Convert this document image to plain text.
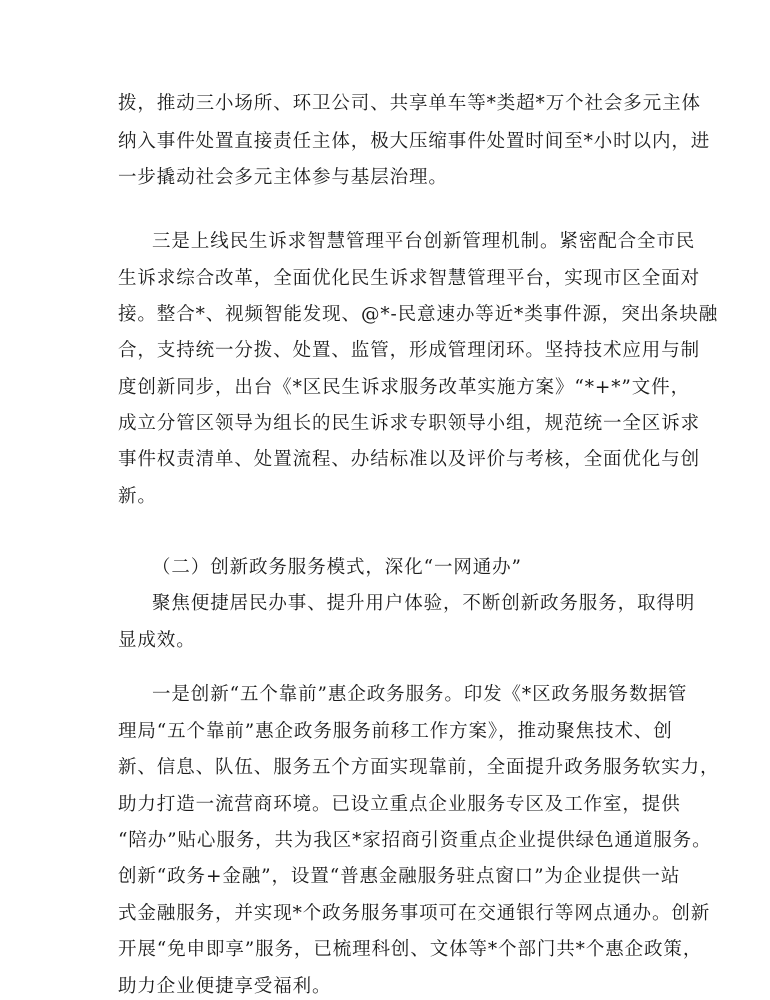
拨，推动三小场所、环卫公司、共享单车等*类超*万个社会多元主体
纳入事件处置直接责任主体，极大压缩事件处置时间至*小时以内，进
一步撬动社会多元主体参与基层治理。
三是上线民生诉求智慧管理平台创新管理机制。紧密配合全市民
生诉求综合改革，全面优化民生诉求智慧管理平台，实现市区全面对
接。整合*、视频智能发现、@*-民意速办等近*类事件源，突出条块融
合，支持统一分拨、处置、监管，形成管理闭环。坚持技术应用与制
度创新同步，出台《*区民生诉求服务改革实施方案》“*+*”文件，
成立分管区领导为组长的民生诉求专职领导小组，规范统一全区诉求
事件权责清单、处置流程、办结标准以及评价与考核，全面优化与创
新。
（二）创新政务服务模式，深化“一网通办”
聚焦便捷居民办事、提升用户体验，不断创新政务服务，取得明
显成效。
一是创新“五个靠前”惠企政务服务。印发《*区政务服务数据管
理局“五个靠前”惠企政务服务前移工作方案》，推动聚焦技术、创
新、信息、队伍、服务五个方面实现靠前，全面提升政务服务软实力，
助力打造一流营商环境。已设立重点企业服务专区及工作室，提供
“陪办”贴心服务，共为我区*家招商引资重点企业提供绿色通道服务。
创新“政务+金融”，设置“普惠金融服务驻点窗口”为企业提供一站
式金融服务，并实现*个政务服务事项可在交通银行等网点通办。创新
开展“免申即享”服务，已梳理科创、文体等*个部门共*个惠企政策，
助力企业便捷享受福利。
